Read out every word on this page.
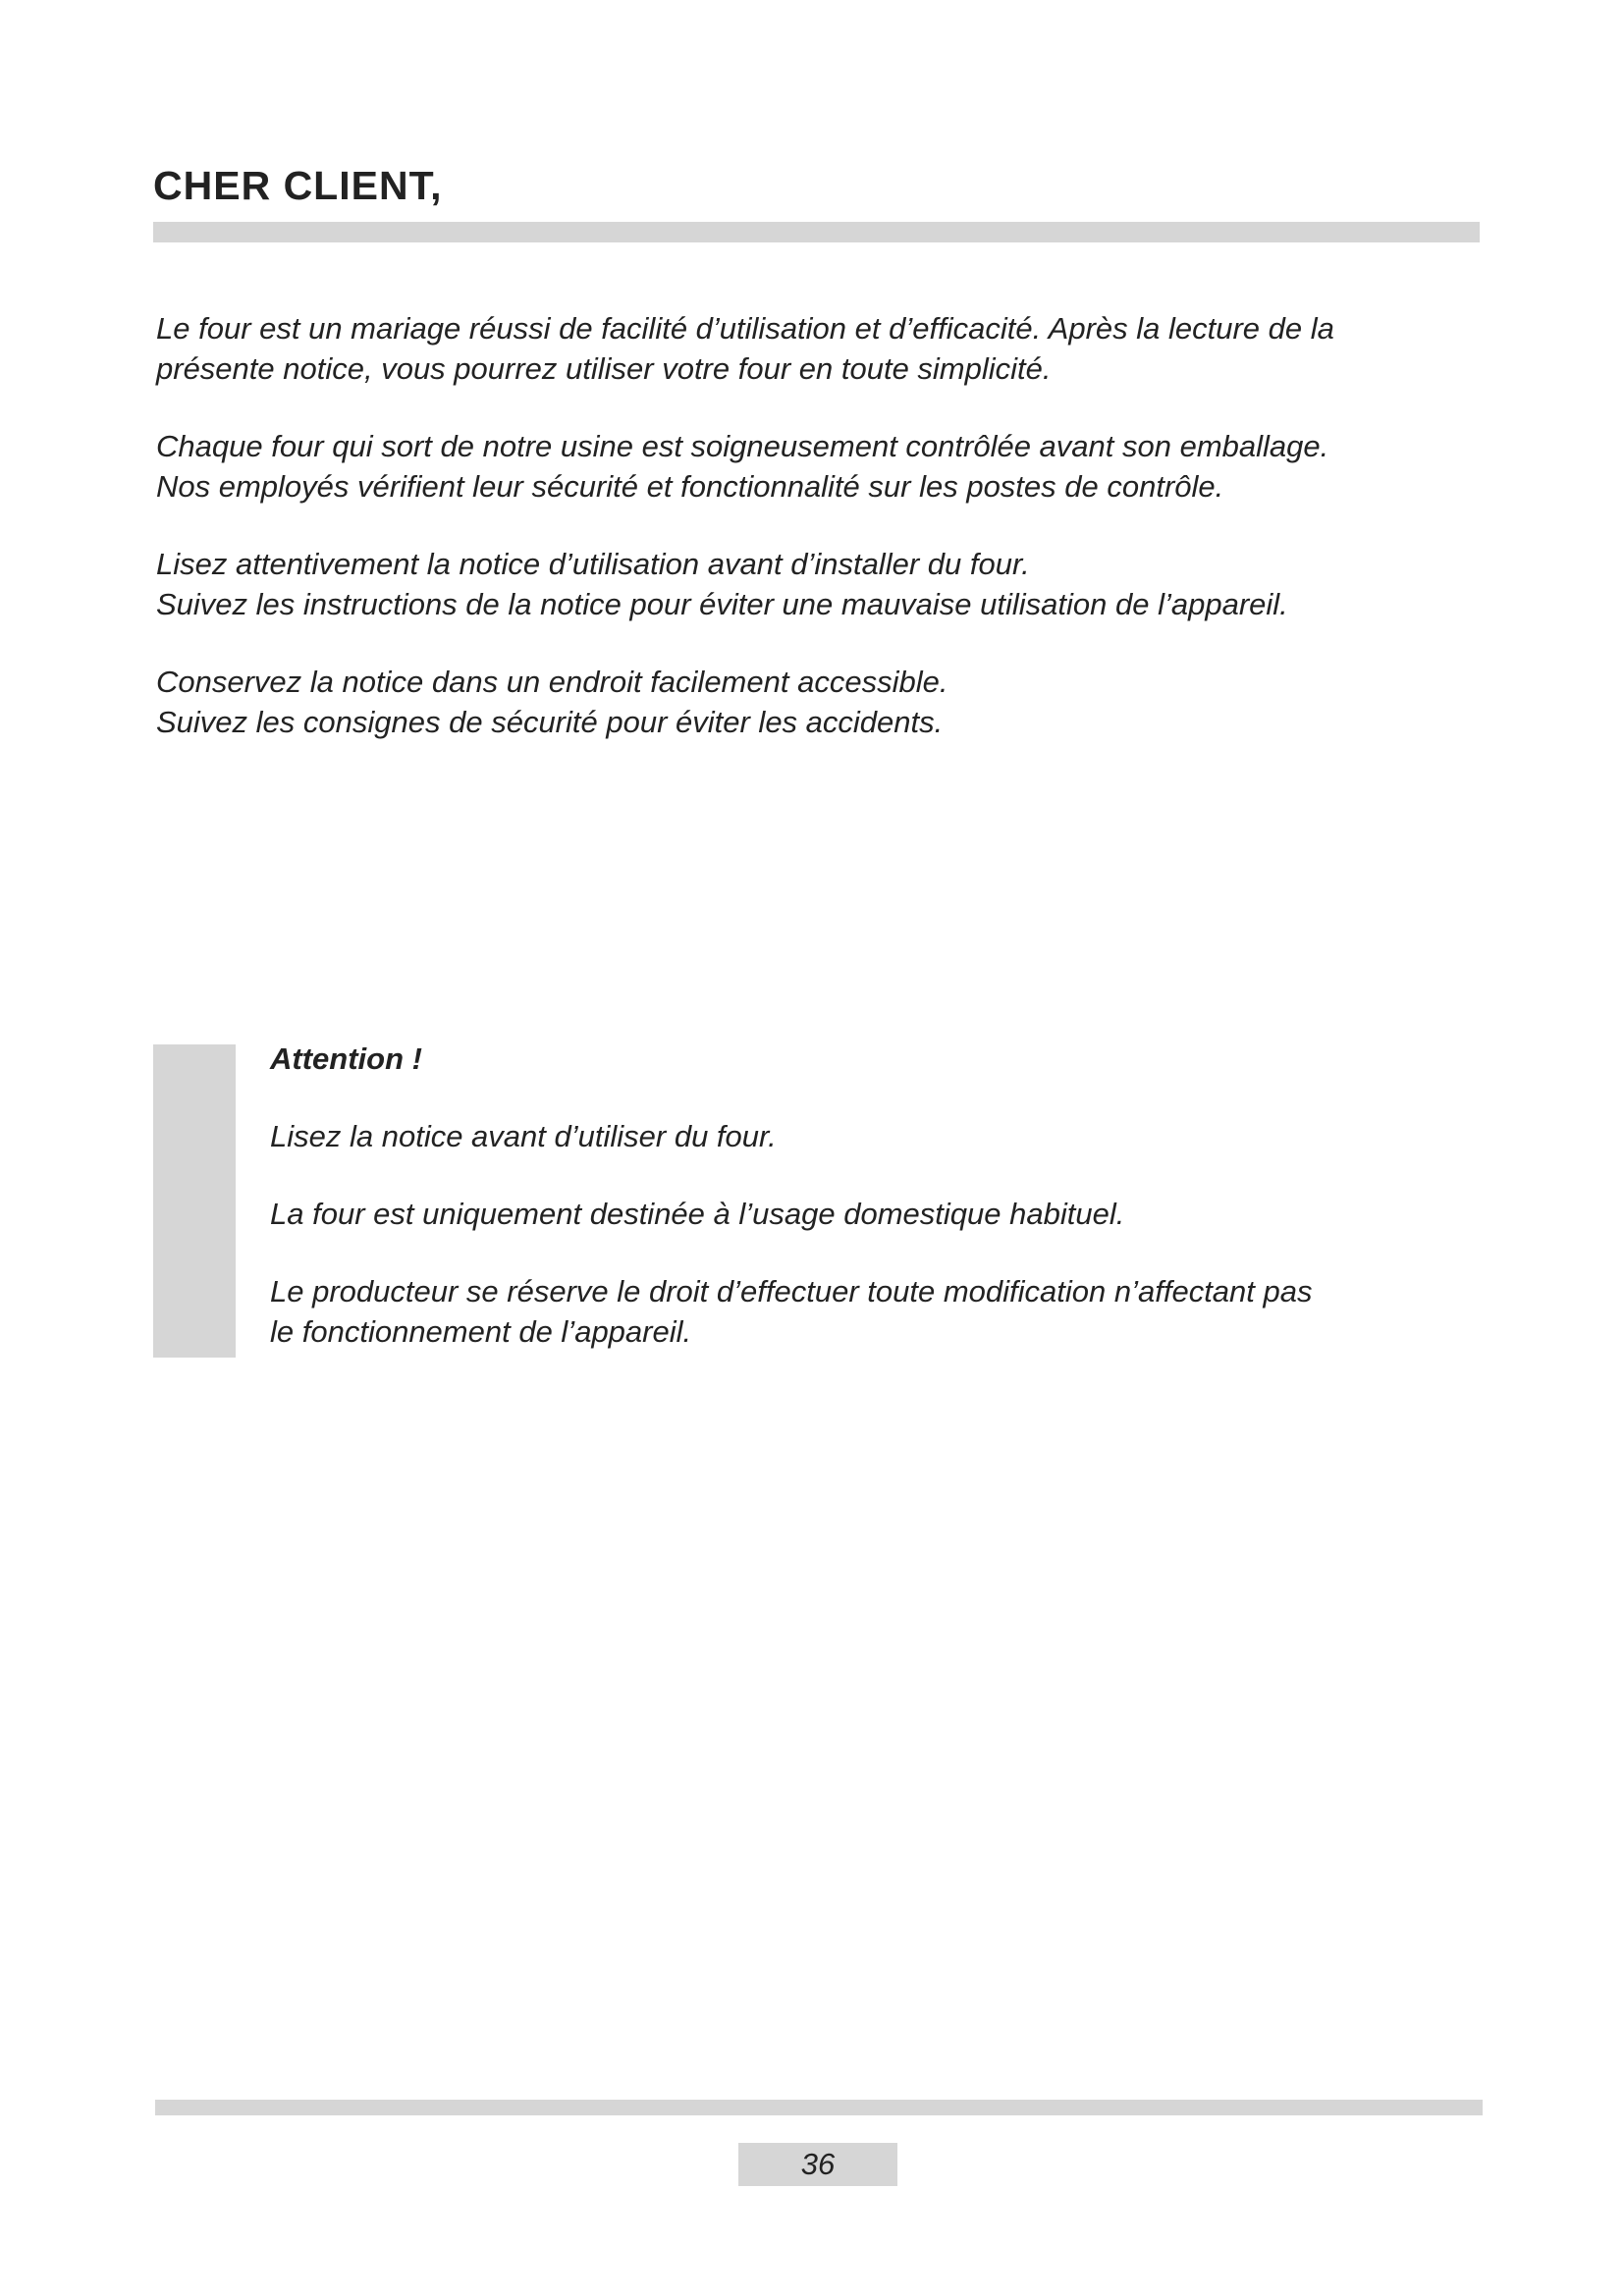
CHER CLIENT,

Le four est un mariage réussi de facilité d’utilisation et d’efficacité. Après la lecture de la
présente notice, vous pourrez utiliser votre four en toute simplicité.

Chaque four qui sort de notre usine est soigneusement contrôlée avant son emballage.
Nos employés vérifient leur sécurité et fonctionnalité sur les postes de contrôle.

Lisez attentivement la notice d’utilisation avant d’installer du four.
Suivez les instructions de la notice pour éviter une mauvaise utilisation de l’appareil.

Conservez la notice dans un endroit facilement accessible.
Suivez les consignes de sécurité pour éviter les accidents.

Attention !

Lisez la notice avant d’utiliser du four.

La four est uniquement destinée à l’usage domestique habituel.

Le producteur se réserve le droit d’effectuer toute modification n’affectant pas
le fonctionnement de l’appareil.

36
